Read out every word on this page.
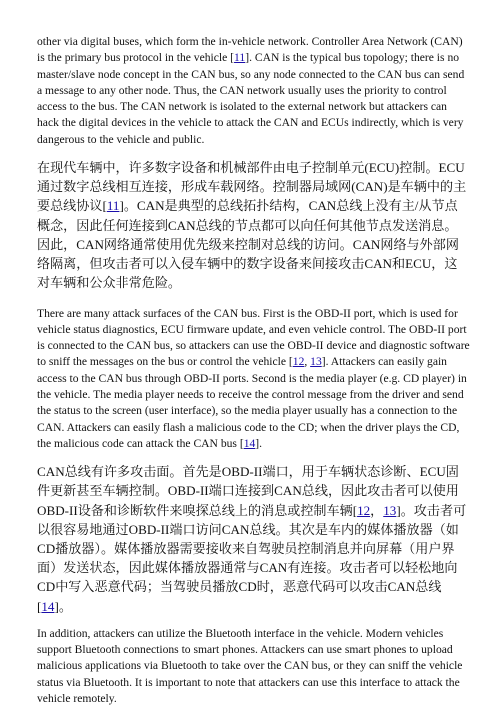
other via digital buses, which form the in-vehicle network. Controller Area Network (CAN) is the primary bus protocol in the vehicle [11]. CAN is the typical bus topology; there is no master/slave node concept in the CAN bus, so any node connected to the CAN bus can send a message to any other node. Thus, the CAN network usually uses the priority to control access to the bus. The CAN network is isolated to the external network but attackers can hack the digital devices in the vehicle to attack the CAN and ECUs indirectly, which is very dangerous to the vehicle and public.

在现代车辆中，许多数字设备和机械部件由电子控制单元(ECU)控制。ECU通过数字总线相互连接，形成车载网络。控制器局域网(CAN)是车辆中的主要总线协议[11]。CAN是典型的总线拓扑结构，CAN总线上没有主/从节点概念，因此任何连接到CAN总线的节点都可以向任何其他节点发送消息。因此，CAN网络通常使用优先级来控制对总线的访问。CAN网络与外部网络隔离，但攻击者可以入侵车辆中的数字设备来间接攻击CAN和ECU，这对车辆和公众非常危险。

There are many attack surfaces of the CAN bus. First is the OBD-II port, which is used for vehicle status diagnostics, ECU firmware update, and even vehicle control. The OBD-II port is connected to the CAN bus, so attackers can use the OBD-II device and diagnostic software to sniff the messages on the bus or control the vehicle [12, 13]. Attackers can easily gain access to the CAN bus through OBD-II ports. Second is the media player (e.g. CD player) in the vehicle. The media player needs to receive the control message from the driver and send the status to the screen (user interface), so the media player usually has a connection to the CAN. Attackers can easily flash a malicious code to the CD; when the driver plays the CD, the malicious code can attack the CAN bus [14].

CAN总线有许多攻击面。首先是OBD-II端口，用于车辆状态诊断、ECU固件更新甚至车辆控制。OBD-II端口连接到CAN总线，因此攻击者可以使用OBD-II设备和诊断软件来嗅探总线上的消息或控制车辆[12，13]。攻击者可以很容易地通过OBD-II端口访问CAN总线。其次是车内的媒体播放器（如CD播放器）。媒体播放器需要接收来自驾驶员控制消息并向屏幕（用户界面）发送状态，因此媒体播放器通常与CAN有连接。攻击者可以轻松地向CD中写入恶意代码；当驾驶员播放CD时，恶意代码可以攻击CAN总线[14]。

In addition, attackers can utilize the Bluetooth interface in the vehicle. Modern vehicles support Bluetooth connections to smart phones. Attackers can use smart phones to upload malicious applications via Bluetooth to take over the CAN bus, or they can sniff the vehicle status via Bluetooth. It is important to note that attackers can use this interface to attack the vehicle remotely.
